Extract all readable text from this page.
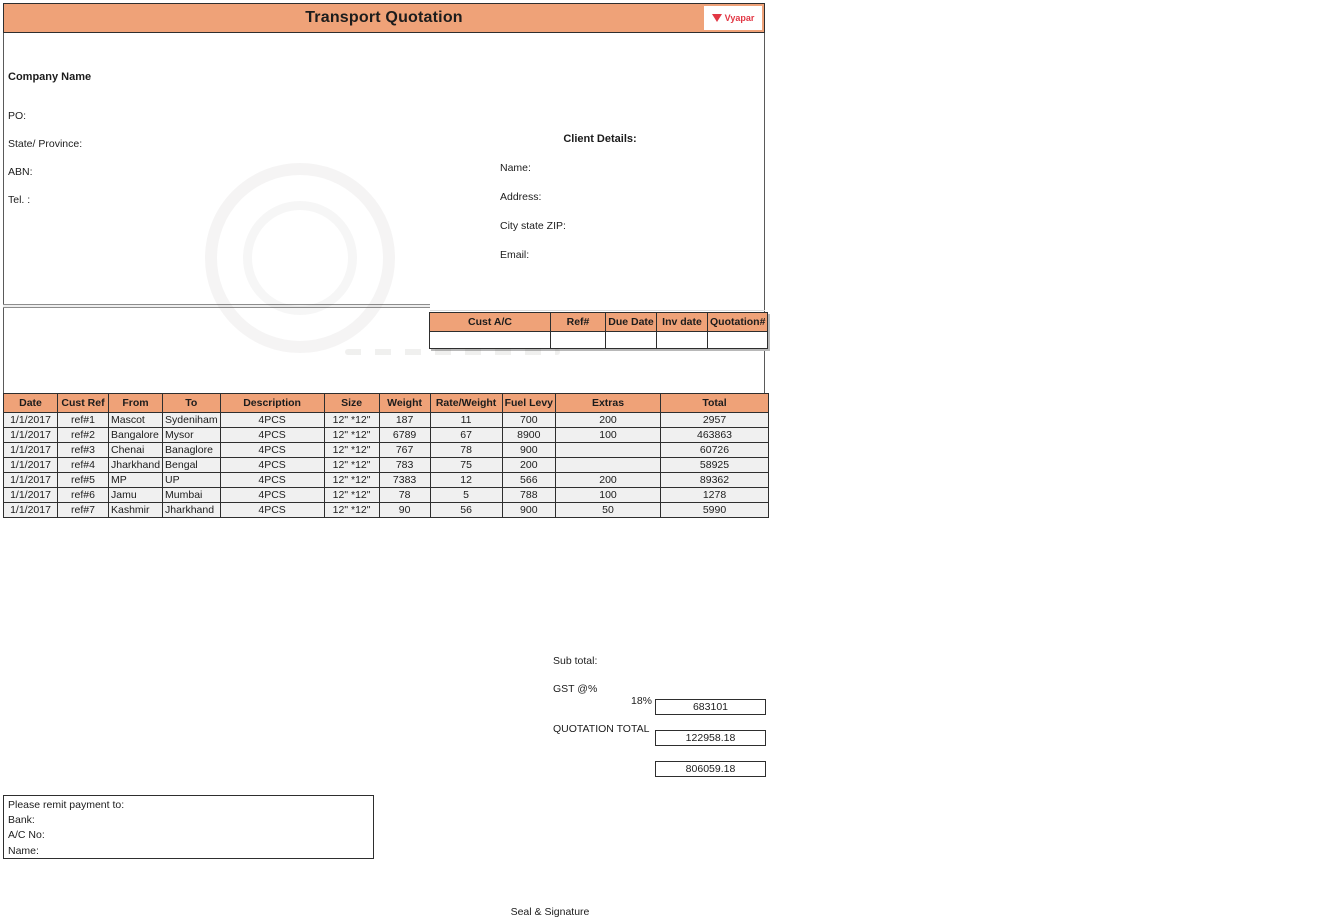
Transport Quotation	Vyapar
Company Name
PO:
State/ Province:
ABN:
Tel. :
Client Details:
Name:
Address:
City state ZIP:
Email:
Cust A/C	Ref#	Due Date	Inv date	Quotation#

Date	Cust Ref	From	To	Description	Size	Weight	Rate/Weight	Fuel Levy	Extras	Total
1/1/2017	ref#1	Mascot	Sydeniham	4PCS	12" *12"	187	11	700	200	2957
1/1/2017	ref#2	Bangalore	Mysor	4PCS	12" *12"	6789	67	8900	100	463863
1/1/2017	ref#3	Chenai	Banaglore	4PCS	12" *12"	767	78	900		60726
1/1/2017	ref#4	Jharkhand	Bengal	4PCS	12" *12"	783	75	200		58925
1/1/2017	ref#5	MP	UP	4PCS	12" *12"	7383	12	566	200	89362
1/1/2017	ref#6	Jamu	Mumbai	4PCS	12" *12"	78	5	788	100	1278
1/1/2017	ref#7	Kashmir	Jharkhand	4PCS	12" *12"	90	56	900	50	5990
Sub total:
GST @%
18%
QUOTATION TOTAL
683101
122958.18
806059.18
Please remit payment to:
Bank:
A/C No:
Name:
Seal & Signature
